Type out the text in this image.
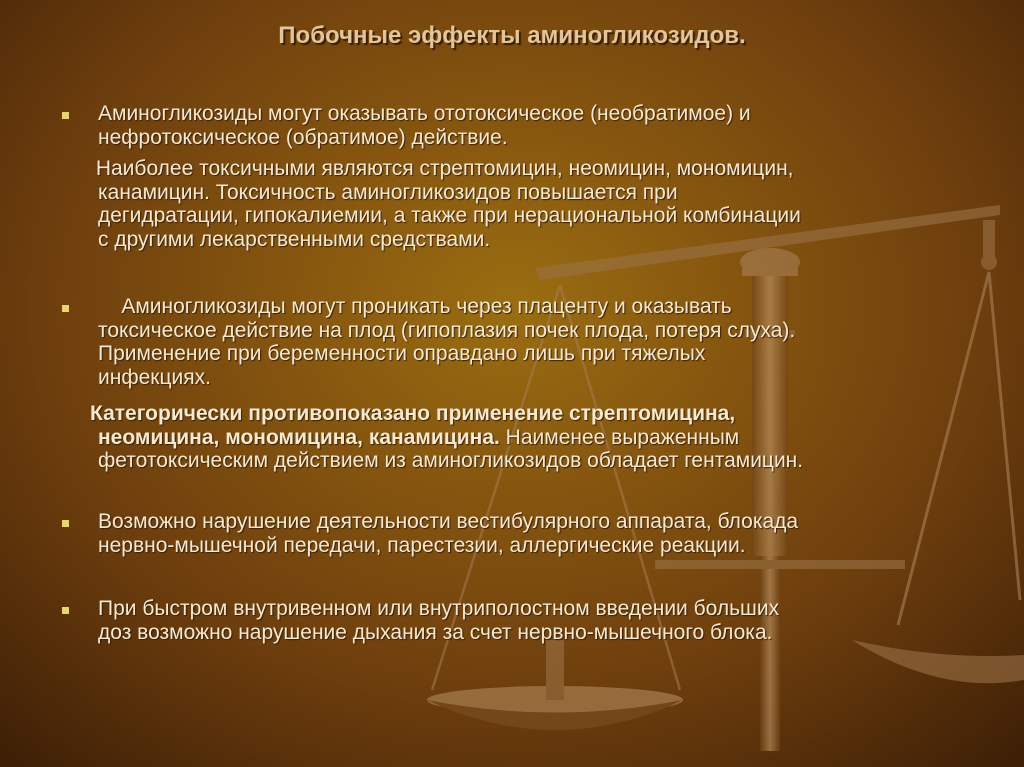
Побочные эффекты аминогликозидов.
Аминогликозиды могут оказывать ототоксическое (необратимое) и
нефротоксическое (обратимое) действие.
Наиболее токсичными являются стрептомицин, неомицин, мономицин,
канамицин. Токсичность аминогликозидов повышается при
дегидратации, гипокалиемии, а также при нерациональной комбинации
с другими лекарственными средствами.
Аминогликозиды могут проникать через плаценту и оказывать
токсическое действие на плод (гипоплазия почек плода, потеря слуха).
Применение при беременности оправдано лишь при тяжелых
инфекциях.
Категорически противопоказано применение стрептомицина,
неомицина, мономицина, канамицина. Наименее выраженным
фетотоксическим действием из аминогликозидов обладает гентамицин.
Возможно нарушение деятельности вестибулярного аппарата, блокада
нервно-мышечной передачи, парестезии, аллергические реакции.
При быстром внутривенном или внутриполостном введении больших
доз возможно нарушение дыхания за счет нервно-мышечного блока.
